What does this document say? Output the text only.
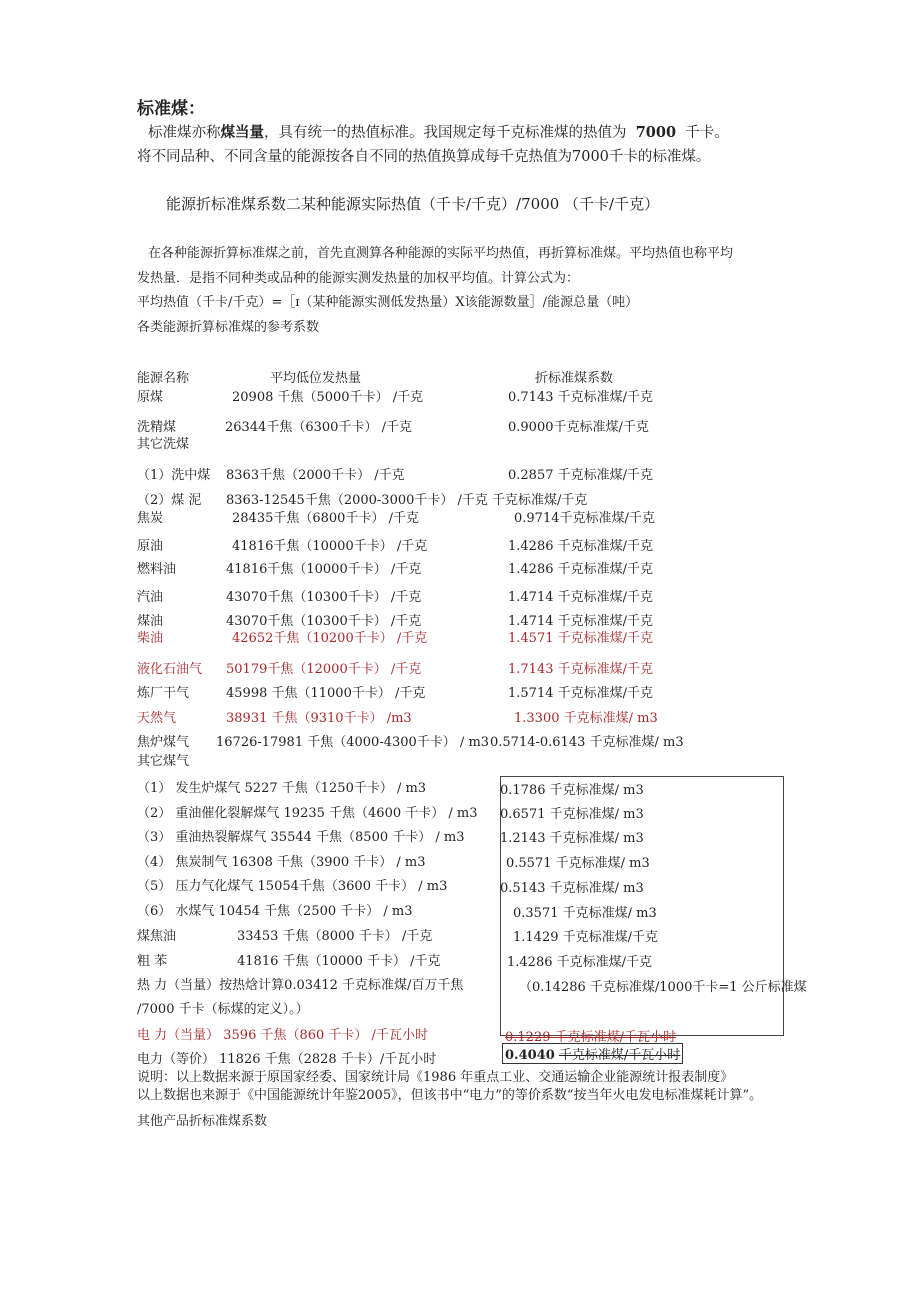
标准煤：
标准煤亦称煤当量，具有统一的热值标准。我国规定每千克标准煤的热值为 7000 千卡。
将不同品种、不同含量的能源按各自不同的热值换算成每千克热值为7000千卡的标准煤。
能源折标准煤系数二某种能源实际热值（千卡/千克）/7000 （千卡/千克）
在各种能源折算标准煤之前，首先直测算各种能源的实际平均热值，再折算标准煤。平均热值也称平均
发热量．是指不同种类或品种的能源实测发热量的加权平均值。计算公式为：
平均热值（千卡/千克）=［ɪ（某种能源实测低发热量）X该能源数量］/能源总量（吨）
各类能源折算标准煤的参考系数
能源名称	平均低位发热量	折标准煤系数
原煤	20908 千焦（5000千卡） /千克	0.7143 千克标准煤/千克
洗精煤	26344千焦（6300千卡） /千克	0.9000千克标准煤/千克
其它洗煤
（1）洗中煤 8363千焦（2000千卡） /千克	0.2857 千克标准煤/千克
（2）煤 泥 8363-12545千焦（2000-3000千卡） /千克 千克标准煤/千克
焦炭	28435千焦（6800千卡） /千克	0.9714千克标准煤/千克
原油	41816千焦（10000千卡） /千克	1.4286 千克标准煤/千克
燃料油	41816千焦（10000千卡） /千克	1.4286 千克标准煤/千克
汽油	43070千焦（10300千卡） /千克	1.4714 千克标准煤/千克
煤油	43070千焦（10300千卡） /千克	1.4714 千克标准煤/千克
柴油	42652千焦（10200千卡） /千克	1.4571 千克标准煤/千克
液化石油气 50179千焦（12000千卡） /千克	1.7143 千克标准煤/千克
炼厂干气	45998 千焦（11000千卡） /千克	1.5714 千克标准煤/千克
天然气	38931 千焦（9310千卡） /m3	1.3300 千克标准煤/ m3
焦炉煤气 16726-17981 千焦（4000-4300千卡） / m3 0.5714-0.6143 千克标准煤/ m3
其它煤气
（1） 发生炉煤气 5227 千焦（1250千卡） / m3	0.1786 千克标准煤/ m3
（2） 重油催化裂解煤气 19235 千焦（4600 千卡） / m3 0.6571 千克标准煤/ m3
（3） 重油热裂解煤气 35544 千焦（8500 千卡） / m3	1.2143 千克标准煤/ m3
（4） 焦炭制气 16308 千焦（3900 千卡） / m3	0.5571 千克标准煤/ m3
（5） 压力气化煤气 15054千焦（3600 千卡） / m3	0.5143 千克标准煤/ m3
（6） 水煤气 10454 千焦（2500 千卡） / m3	0.3571 千克标准煤/ m3
煤焦油	33453 千焦（8000 千卡） /千克	1.1429 千克标准煤/千克
粗 苯	41816 千焦（10000 千卡） /千克	1.4286 千克标准煤/千克
热 力（当量）按热焓计算0.03412 千克标准煤/百万千焦	（0.14286 千克标准煤/1000千卡=1 公斤标准煤
/7000 千卡（标煤的定义）。）
电 力（当量） 3596 千焦（860 千卡） /千瓦小时	0.1229 千克标准煤/千瓦小时
电力（等价） 11826 千焦（2828 千卡）/千瓦小时	0.4040 千克标准煤/千瓦小时
说明：以上数据来源于原国家经委、国家统计局《1986 年重点工业、交通运输企业能源统计报表制度》
以上数据也来源于《中国能源统计年鉴2005》，但该书中“电力”的等价系数“按当年火电发电标准煤耗计算”。
其他产品折标准煤系数
